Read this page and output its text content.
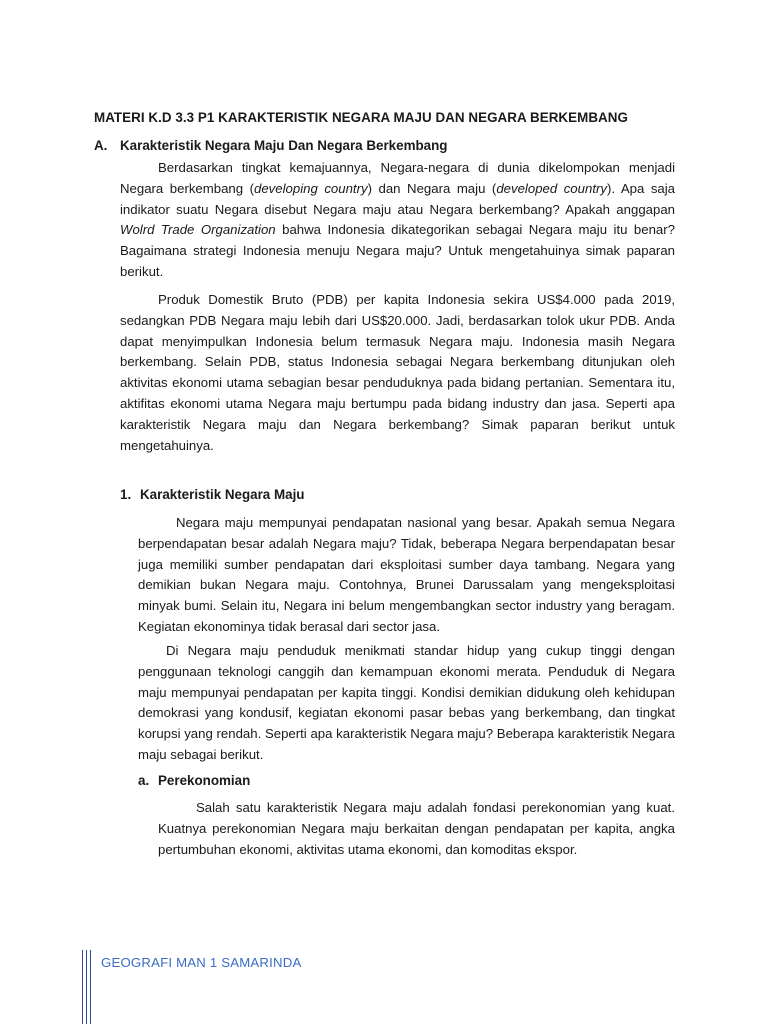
MATERI K.D 3.3 P1 KARAKTERISTIK NEGARA MAJU DAN NEGARA BERKEMBANG
A. Karakteristik Negara Maju Dan Negara Berkembang

Berdasarkan tingkat kemajuannya, Negara-negara di dunia dikelompokan menjadi Negara berkembang (developing country) dan Negara maju (developed country). Apa saja indikator suatu Negara disebut Negara maju atau Negara berkembang? Apakah anggapan Wolrd Trade Organization bahwa Indonesia dikategorikan sebagai Negara maju itu benar? Bagaimana strategi Indonesia menuju Negara maju? Untuk mengetahuinya simak paparan berikut.

Produk Domestik Bruto (PDB) per kapita Indonesia sekira US$4.000 pada 2019, sedangkan PDB Negara maju lebih dari US$20.000. Jadi, berdasarkan tolok ukur PDB. Anda dapat menyimpulkan Indonesia belum termasuk Negara maju. Indonesia masih Negara berkembang. Selain PDB, status Indonesia sebagai Negara berkembang ditunjukan oleh aktivitas ekonomi utama sebagian besar penduduknya pada bidang pertanian. Sementara itu, aktifitas ekonomi utama Negara maju bertumpu pada bidang industry dan jasa. Seperti apa karakteristik Negara maju dan Negara berkembang? Simak paparan berikut untuk mengetahuinya.

1. Karakteristik Negara Maju

Negara maju mempunyai pendapatan nasional yang besar. Apakah semua Negara berpendapatan besar adalah Negara maju? Tidak, beberapa Negara berpendapatan besar juga memiliki sumber pendapatan dari eksploitasi sumber daya tambang. Negara yang demikian bukan Negara maju. Contohnya, Brunei Darussalam yang mengeksploitasi minyak bumi. Selain itu, Negara ini belum mengembangkan sector industry yang beragam. Kegiatan ekonominya tidak berasal dari sector jasa.

Di Negara maju penduduk menikmati standar hidup yang cukup tinggi dengan penggunaan teknologi canggih dan kemampuan ekonomi merata. Penduduk di Negara maju mempunyai pendapatan per kapita tinggi. Kondisi demikian didukung oleh kehidupan demokrasi yang kondusif, kegiatan ekonomi pasar bebas yang berkembang, dan tingkat korupsi yang rendah. Seperti apa karakteristik Negara maju? Beberapa karakteristik Negara maju sebagai berikut.

a. Perekonomian

Salah satu karakteristik Negara maju adalah fondasi perekonomian yang kuat. Kuatnya perekonomian Negara maju berkaitan dengan pendapatan per kapita, angka pertumbuhan ekonomi, aktivitas utama ekonomi, dan komoditas ekspor.

GEOGRAFI MAN 1 SAMARINDA
